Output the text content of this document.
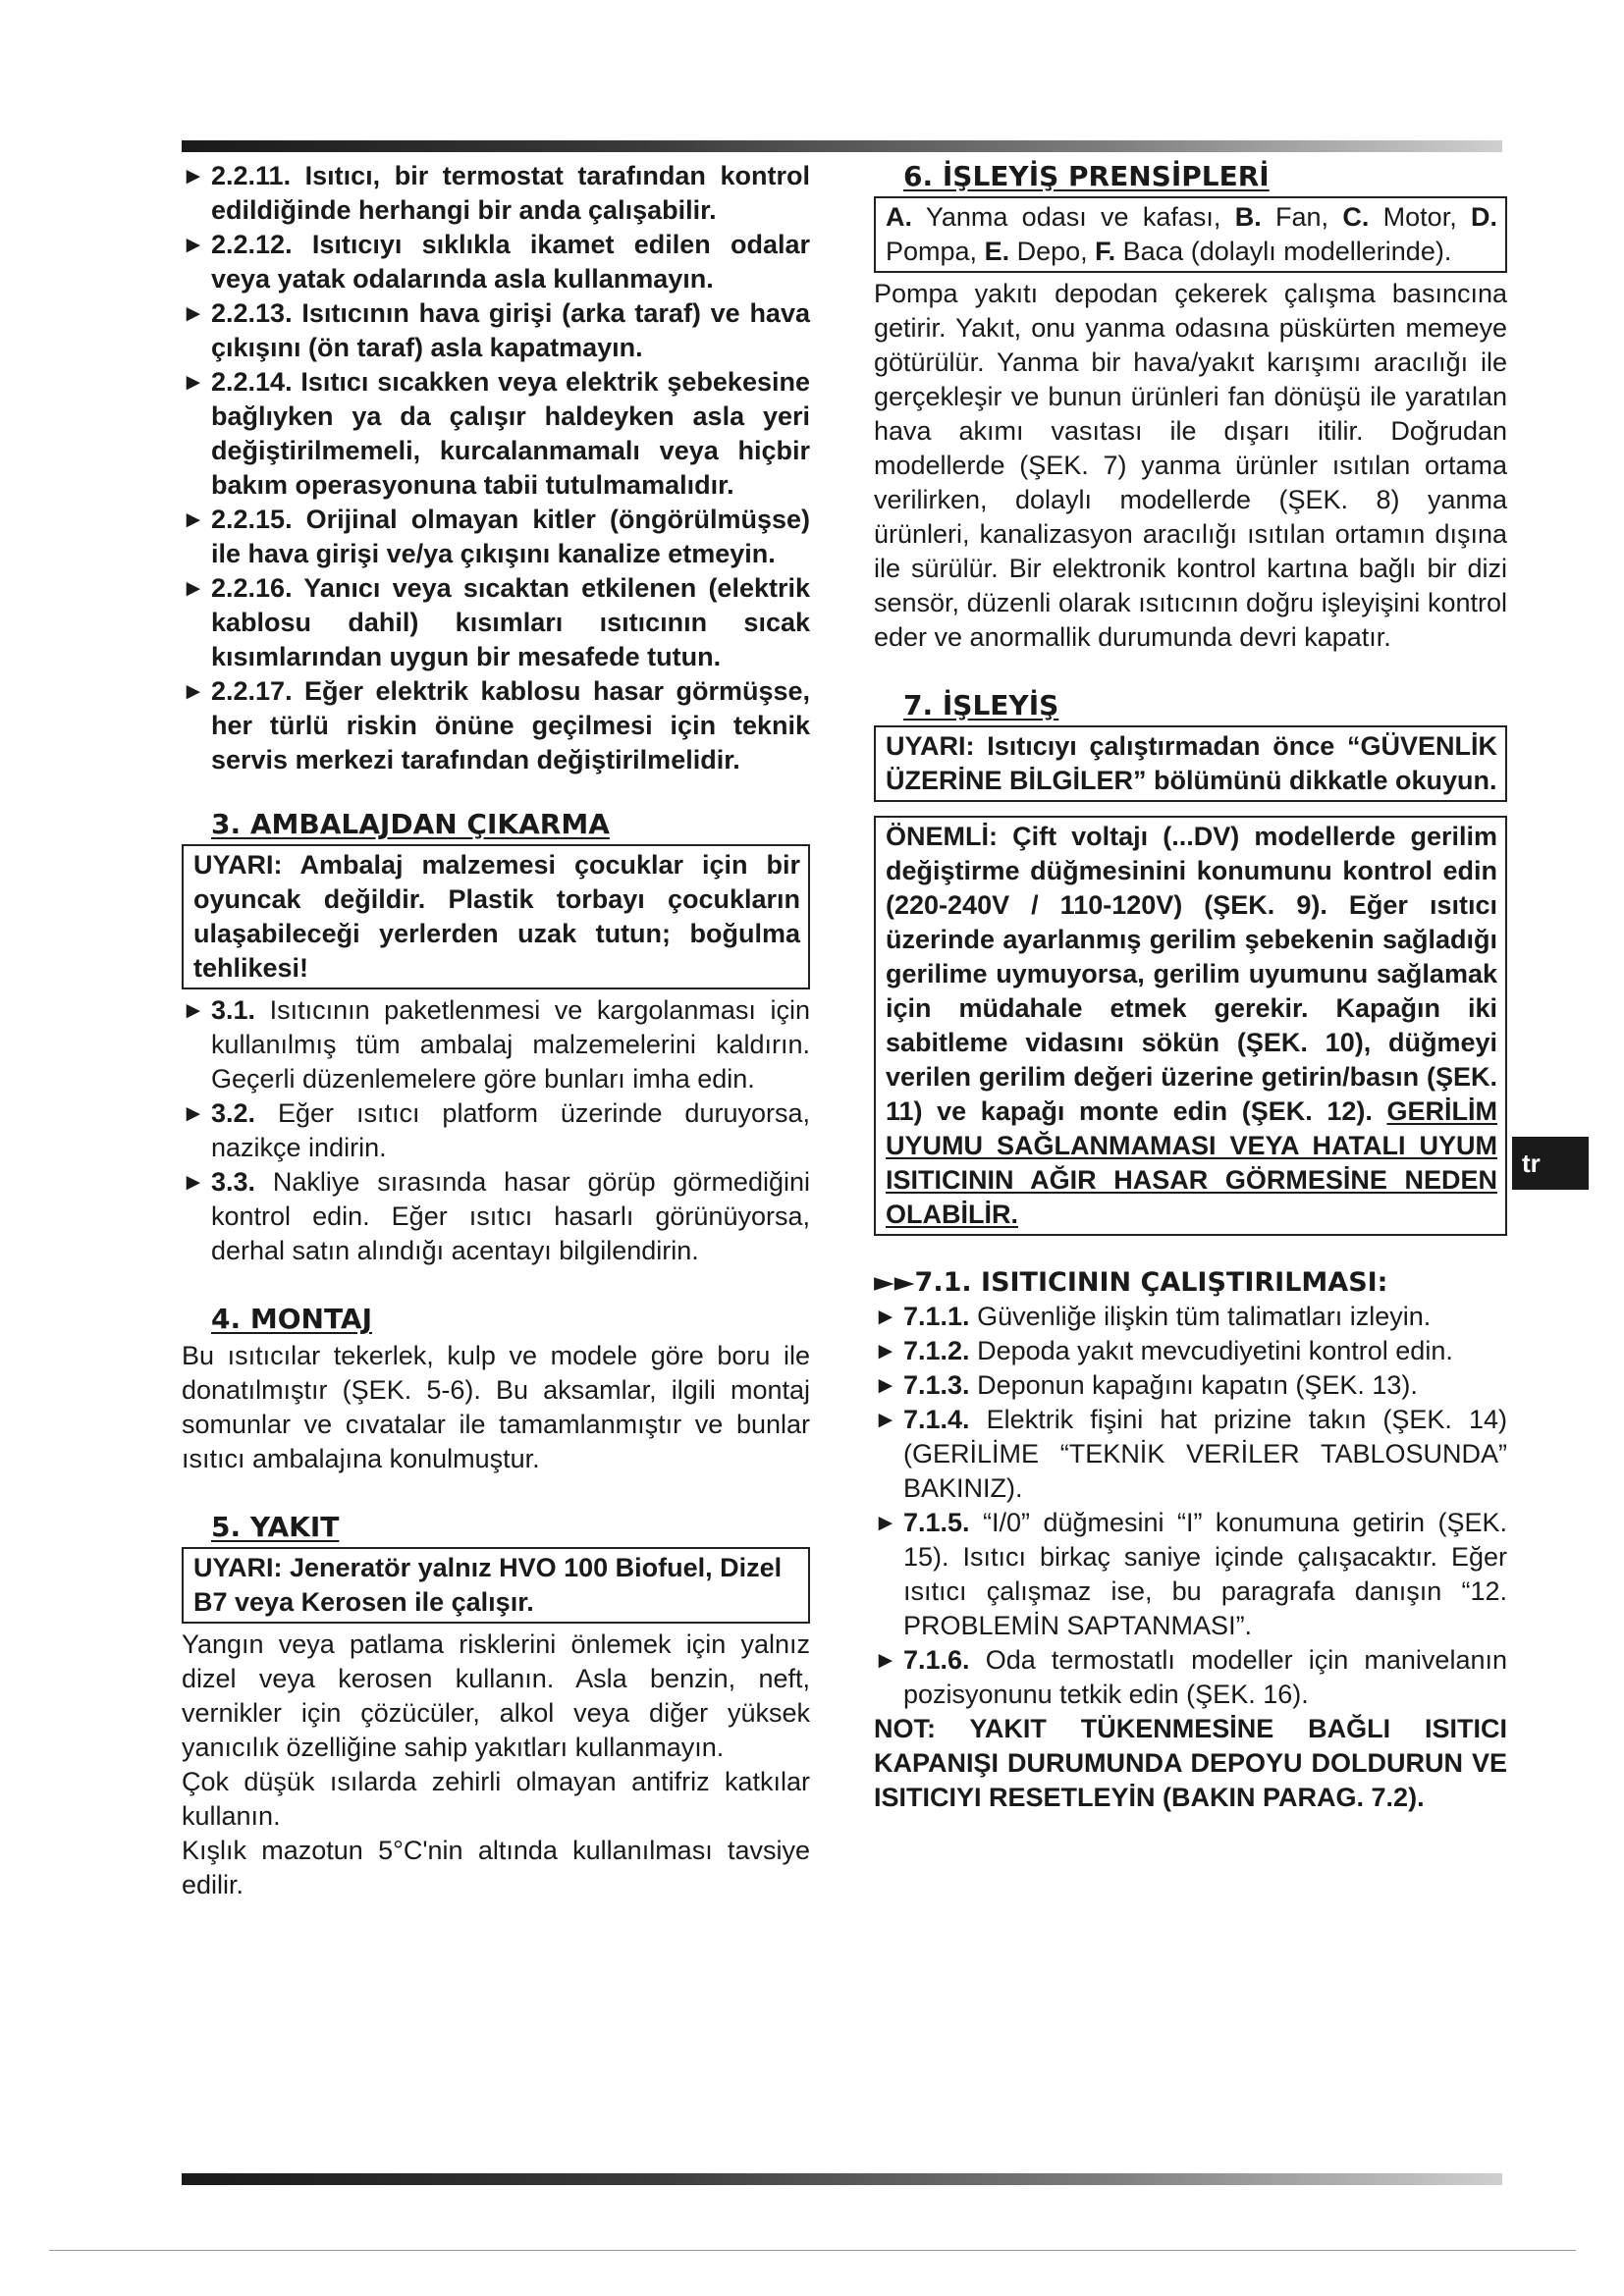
► 2.2.11. Isıtıcı, bir termostat tarafından kontrol edildiğinde herhangi bir anda çalışabilir.

► 2.2.12. Isıtıcıyı sıklıkla ikamet edilen odalar veya yatak odalarında asla kullanmayın.

► 2.2.13. Isıtıcının hava girişi (arka taraf) ve hava çıkışını (ön taraf) asla kapatmayın.

► 2.2.14. Isıtıcı sıcakken veya elektrik şebekesine bağlıyken ya da çalışır haldeyken asla yeri değiştirilmemeli, kurcalanmamalı veya hiçbir bakım operasyonuna tabii tutulmamalıdır.

► 2.2.15. Orijinal olmayan kitler (öngörülmüşse) ile hava girişi ve/ya çıkışını kanalize etmeyin.

► 2.2.16. Yanıcı veya sıcaktan etkilenen (elektrik kablosu dahil) kısımları ısıtıcının sıcak kısımlarından uygun bir mesafede tutun.

► 2.2.17. Eğer elektrik kablosu hasar görmüşse, her türlü riskin önüne geçilmesi için teknik servis merkezi tarafından değiştirilmelidir.

3. AMBALAJDAN ÇIKARMA
UYARI: Ambalaj malzemesi çocuklar için bir oyuncak değildir. Plastik torbayı çocukların ulaşabileceği yerlerden uzak tutun; boğulma tehlikesi!

► 3.1. Isıtıcının paketlenmesi ve kargolanması için kullanılmış tüm ambalaj malzemelerini kaldırın. Geçerli düzenlemelere göre bunları imha edin.

► 3.2. Eğer ısıtıcı platform üzerinde duruyorsa, nazikçe indirin.

► 3.3. Nakliye sırasında hasar görüp görmediğini kontrol edin. Eğer ısıtıcı hasarlı görünüyorsa, derhal satın alındığı acentayı bilgilendirin.

4. MONTAJ

Bu ısıtıcılar tekerlek, kulp ve modele göre boru ile donatılmıştır (ŞEK. 5-6). Bu aksamlar, ilgili montaj somunlar ve cıvatalar ile tamamlanmıştır ve bunlar ısıtıcı ambalajına konulmuştur.

5. YAKIT
UYARI: Jeneratör yalnız HVO 100 Biofuel, Dizel B7 veya Kerosen ile çalışır.

Yangın veya patlama risklerini önlemek için yalnız dizel veya kerosen kullanın. Asla benzin, neft, vernikler için çözücüler, alkol veya diğer yüksek yanıcılık özelliğine sahip yakıtları kullanmayın.

Çok düşük ısılarda zehirli olmayan antifriz katkılar kullanın.

Kışlık mazotun 5°C'nin altında kullanılması tavsiye edilir.

6. İŞLEYİŞ PRENSİPLERİ
A. Yanma odası ve kafası, B. Fan, C. Motor, D. Pompa, E. Depo, F. Baca (dolaylı modellerinde).

Pompa yakıtı depodan çekerek çalışma basıncına getirir. Yakıt, onu yanma odasına püskürten memeye götürülür. Yanma bir hava/yakıt karışımı aracılığı ile gerçekleşir ve bunun ürünleri fan dönüşü ile yaratılan hava akımı vasıtası ile dışarı itilir. Doğrudan modellerde (ŞEK. 7) yanma ürünler ısıtılan ortama verilirken, dolaylı modellerde (ŞEK. 8) yanma ürünleri, kanalizasyon aracılığı ısıtılan ortamın dışına ile sürülür. Bir elektronik kontrol kartına bağlı bir dizi sensör, düzenli olarak ısıtıcının doğru işleyişini kontrol eder ve anormallik durumunda devri kapatır.

7. İŞLEYİŞ
UYARI: Isıtıcıyı çalıştırmadan önce “GÜVENLİK ÜZERİNE BİLGİLER” bölümünü dikkatle okuyun.
ÖNEMLİ: Çift voltajı (...DV) modellerde gerilim değiştirme düğmesinini konumunu kontrol edin (220-240V / 110-120V) (ŞEK. 9). Eğer ısıtıcı üzerinde ayarlanmış gerilim şebekenin sağladığı gerilime uymuyorsa, gerilim uyumunu sağlamak için müdahale etmek gerekir. Kapağın iki sabitleme vidasını sökün (ŞEK. 10), düğmeyi verilen gerilim değeri üzerine getirin/basın (ŞEK. 11) ve kapağı monte edin (ŞEK. 12). GERİLİM UYUMU SAĞLANMAMASI VEYA HATALI UYUM ISITICININ AĞIR HASAR GÖRMESİNE NEDEN OLABİLİR.
►►7.1. ISITICININ ÇALIŞTIRILMASI:

► 7.1.1. Güvenliğe ilişkin tüm talimatları izleyin.

► 7.1.2. Depoda yakıt mevcudiyetini kontrol edin.

► 7.1.3. Deponun kapağını kapatın (ŞEK. 13).

► 7.1.4. Elektrik fişini hat prizine takın (ŞEK. 14) (GERİLİME “TEKNİK VERİLER TABLOSUNDA” BAKINIZ).

► 7.1.5. “I/0” düğmesini “I” konumuna getirin (ŞEK. 15). Isıtıcı birkaç saniye içinde çalışacaktır. Eğer ısıtıcı çalışmaz ise, bu paragrafa danışın “12. PROBLEMİN SAPTANMASI”.

► 7.1.6. Oda termostatlı modeller için manivelanın pozisyonunu tetkik edin (ŞEK. 16).

NOT: YAKIT TÜKENMESİNE BAĞLI ISITICI KAPANIŞI DURUMUNDA DEPOYU DOLDURUN VE ISITICIYI RESETLEYİN (BAKIN PARAG. 7.2).

tr
